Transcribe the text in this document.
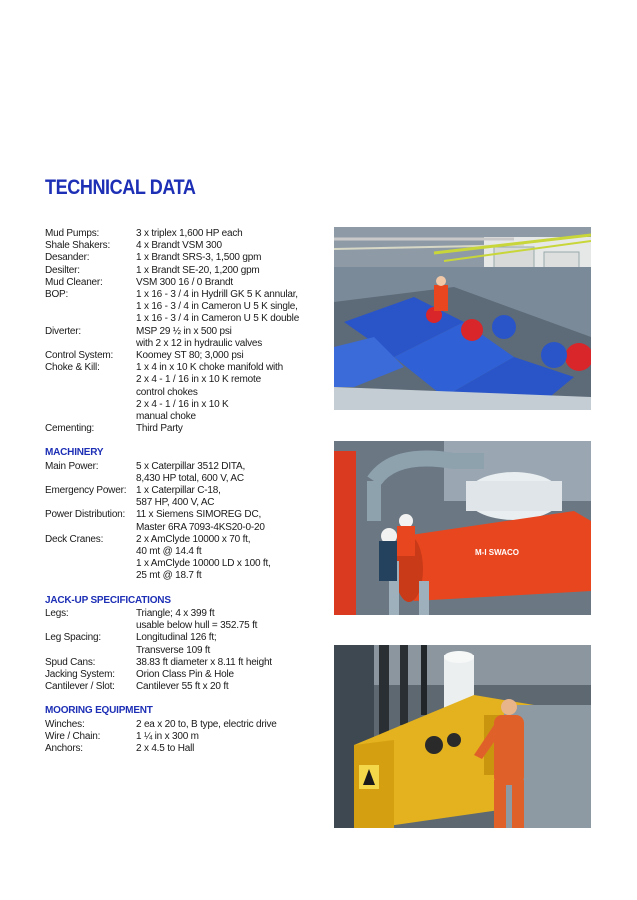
TECHNICAL DATA
Mud Pumps:	3 x triplex 1,600 HP each
Shale Shakers:	4 x Brandt VSM 300
Desander:	1 x Brandt SRS-3, 1,500 gpm
Desilter:	1 x Brandt SE-20, 1,200 gpm
Mud Cleaner:	VSM 300 16 / 0 Brandt
BOP:	1 x 16 - 3 / 4 in Hydrill GK 5 K annular,
1 x 16 - 3 / 4 in Cameron U 5 K single,
1 x 16 - 3 / 4 in Cameron U 5 K double
Diverter:	MSP 29 ½ in x 500 psi
with 2 x 12 in hydraulic valves
Control System:	Koomey ST 80; 3,000 psi
Choke & Kill:	1 x 4 in x 10 K choke manifold with
2 x 4 - 1 / 16 in x 10 K remote
control chokes
2 x 4 - 1 / 16 in x 10 K
manual choke
Cementing:	Third Party
MACHINERY
Main Power:	5 x Caterpillar 3512 DITA,
8,430 HP total, 600 V, AC
Emergency Power: 1 x Caterpillar C-18,
587 HP, 400 V, AC
Power Distribution:	11 x Siemens SIMOREG DC,
Master 6RA 7093-4KS20-0-20
Deck Cranes:	2 x AmClyde 10000 x 70 ft,
40 mt @ 14.4 ft
1 x AmClyde 10000 LD x 100 ft,
25 mt @ 18.7 ft
JACK-UP SPECIFICATIONS
Legs:	Triangle; 4 x 399 ft
usable below hull = 352.75 ft
Leg Spacing:	Longitudinal 126 ft;
Transverse 109 ft
Spud Cans:	38.83 ft diameter x 8.11 ft height
Jacking System:	Orion Class Pin & Hole
Cantilever / Slot:	Cantilever 55 ft x 20 ft
MOORING EQUIPMENT
Winches:	2 ea x 20 to, B type, electric drive
Wire / Chain:	1 ¼ in x 300 m
Anchors:	2 x 4.5 to Hall
M-I SWACO
